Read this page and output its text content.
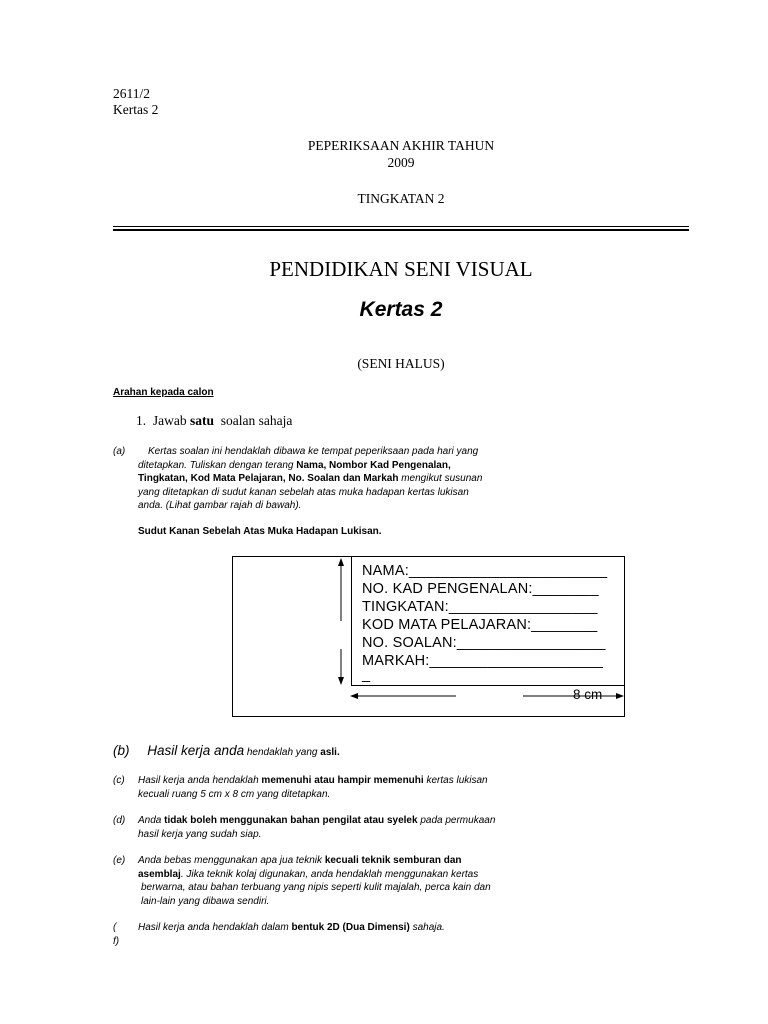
2611/2
Kertas 2
PEPERIKSAAN AKHIR TAHUN
2009
TINGKATAN 2
PENDIDIKAN SENI VISUAL
Kertas 2
(SENI HALUS)
Arahan kepada calon
1. Jawab satu  soalan sahaja
(a)	Kertas soalan ini hendaklah dibawa ke tempat peperiksaan pada hari yang
ditetapkan. Tuliskan dengan terang Nama, Nombor Kad Pengenalan,
Tingkatan, Kod Mata Pelajaran, No. Soalan dan Markah mengikut susunan
yang ditetapkan di sudut kanan sebelah atas muka hadapan kertas lukisan
anda. (Lihat gambar rajah di bawah).
Sudut Kanan Sebelah Atas Muka Hadapan Lukisan.
NAMA:________________________
NO. KAD PENGENALAN:________
TINGKATAN:__________________
KOD MATA PELAJARAN:________
NO. SOALAN:__________________
MARKAH:_____________________
_
8 cm
(b) Hasil kerja anda hendaklah yang asli.
(c) Hasil kerja anda hendaklah memenuhi atau hampir memenuhi kertas lukisan
kecuali ruang 5 cm x 8 cm yang ditetapkan.
(d) Anda tidak boleh menggunakan bahan pengilat atau syelek pada permukaan
hasil kerja yang sudah siap.
(e) Anda bebas menggunakan apa jua teknik kecuali teknik semburan dan
asemblaj. Jika teknik kolaj digunakan, anda hendaklah menggunakan kertas
berwarna, atau bahan terbuang yang nipis seperti kulit majalah, perca kain dan
lain-lain yang dibawa sendiri.
( f)
Hasil kerja anda hendaklah dalam bentuk 2D (Dua Dimensi) sahaja.
